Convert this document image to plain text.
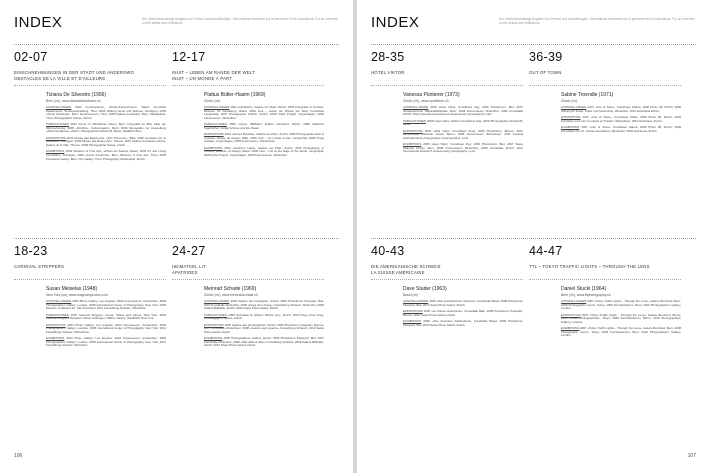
INDEX	Nur überblicksmässige Angaben zur Person und Ausstellungen. Informations résumées sur la personne et les expositions. For an overview on the artists and exhibitions.
02-07
EINSCHNEHMUNGEN IN DER STADT UND ANDERSWO
OBSTACLES DE LA VILLE ET D'AILLEURS
Tiziana De Silvestro (1956)
Bern (ch), www.tizianadesilvestro.ch
AUSSTELLUNGEN 2004 Kunstmuseum, «Photo-Kunst-Preise», Basel; Kornhaus Zweisimmen, Sonderausstellung, Thun; 2005 Stiftung Kunst und Wohnen, Gümligen; 2006 «Kunst Konstrukt», Bern; Kunstmuseum, Thun; 2008 Galerie Kunstwerk, Bern; Stadtgalerie, Thun; Photographie! Suisse, Zürich.
PUBLIKATIONEN 2007 Kunst im öffentlichen Raum, Bern; Fotografie im Bild, Atlas der Wahrnehmung; 2008 «Drehtür», Kulturmagazin, Bern; 2009 Monografie zur Ausstellung «Zwischenräume», Zürich; Photographie! Zeitschrift, Basel; Stadtbild, Bern.
EXPOSITIONS 2004 Musée des Beaux-Arts, «Prix Photo-Art», Bâle; 2005 Fondation Art et Habitation, Gümligen; 2006 Musée des Beaux-Arts, Thoune; 2007 Galerie Kunstwerk, Berne; Galerie de la Ville, Thoune; 2008 Photographie Suisse, Zurich.
EXHIBITIONS 2004 Museum of Fine Arts, «Photo Art Award», Basel; 2005 Art and Living Foundation, Gümligen; 2006 «Kunst Konstrukt», Bern; Museum of Fine Arts, Thun; 2008 Kunstwerk Gallery, Bern; City Gallery, Thun; Photography Switzerland, Zurich.
12-17
INUIT – LEBEN AM RANDE DER WELT
INUIT – UN MONDE À PART
Plattus Bütler-Hasim (1969)
Zürich (ch)
AUSSTELLUNGEN 2004 «Nordlicht», Galerie am Platz, Zürich; 2005 Fotografie im Kontext, Museum für Gestaltung, Basel; 2006 Inuit – Leben am Rande der Welt, Kunsthaus Langenthal; 2007 Photographie Polaris, Zürich; 2008 Arktis Projekt, Kopenhagen; 2009 Fotomuseum, Winterthur.
PUBLIKATIONEN 2006 «Inuit», Bildband, Edition Nordwind, Zürich; 2008 Arktische Tagebücher, Verlag Schnee und Eis, Basel.
EXPOSITIONS 2004 «Aurore Boréale», Galerie am Platz, Zurich; 2005 Photographie dans le contexte, Musée du Design, Bâle; 2006 Inuit – Un monde à part, Langenthal; 2008 Projet Arctique, Copenhague; 2009 Fotomuseum, Winterthour.
EXHIBITIONS 2004 «Northern Light», Galerie am Platz, Zurich; 2005 Photography in Context, Museum of Design, Basel; 2006 Inuit – Life at the Edge of the World, Langenthal; 2008 Arctic Project, Copenhagen; 2009 Fotomuseum, Winterthur.
18-23
CARNIVAL STRIPPERS
Susan Meiselas (1948)
New York (us), www.magnumphotos.com
AUSSTELLUNGEN 2003 Photo Gallery, Los Angeles; 2004 Fotomuseum, Amsterdam; 2006 Photographers' Gallery, London; 2008 International Center of Photography, New York; 2009 Museum of Modern Art, San Francisco; 2011 Fotostiftung Schweiz, Winterthur.
PUBLIKATIONEN 1976 Carnival Strippers, Farrar, Straus and Giroux, New York; 2003 Carnival Strippers Revisited, Steidl, Göttingen; 2008 In History, Steidl/ICP, New York.
EXPOSITIONS 2003 Photo Gallery, Los Angeles; 2004 Fotomuseum, Amsterdam; 2006 Photographers' Gallery, Londres; 2008 International Center of Photography, New York; 2011 Fotostiftung Schweiz, Winterthour.
EXHIBITIONS 2003 Photo Gallery, Los Angeles; 2004 Fotomuseum, Amsterdam; 2006 Photographers' Gallery, London; 2008 International Center of Photography, New York; 2011 Fotostiftung Schweiz, Winterthur.
24-27
HEIMATKEL LIT
APATRIDES
Meinrad Schade (1969)
Zürich (ch), www.meinradschade.ch
AUSSTELLUNGEN 2005 Galerie der Fotografen, Zürich; 2006 Photoforum PasquArt, Biel; 2007 Kunsthalle Winterthur; 2008 «Krieg ohne Krieg», Fotostiftung Schweiz, Winterthur; 2009 Galerie Bildhalle, Zürich; 2010 Swiss Photo Award, Zürich.
PUBLIKATIONEN 2008 Heimatkel lit, Edition Patrick Frey, Zürich; 2010 Krieg ohne Krieg, Scheidegger & Spiess, Zürich.
EXPOSITIONS 2005 Galerie des photographes, Zurich; 2006 Photoforum PasquArt, Bienne; 2007 Kunsthalle Winterthour; 2008 «Guerre sans guerre», Fotostiftung Schweiz; 2010 Swiss Photo Award, Zurich.
EXHIBITIONS 2005 Photographers' Gallery, Zurich; 2006 Photoforum PasquArt, Biel; 2007 Kunsthalle Winterthur; 2008 «War without War», Fotostiftung Schweiz; 2009 Galerie Bildhalle, Zurich; 2010 Swiss Photo Award, Zurich.
106
INDEX	Nur überblicksmässige Angaben zur Person und Ausstellungen. Informations résumées sur la personne et les expositions. For an overview on the artists and exhibitions.
28-35
HOTEL VIKTOR
Vanessa Püntener (1973)
Zürich (ch), www.vpuntener.ch
AUSSTELLUNGEN 2005 Hotel Viktor, Kunsthaus Zug; 2006 Photoforum, Biel; 2007 Schweizerische Nationalbibliothek, Bern; 2008 Fotomuseum Winterthur; 2009 Kunsthalle Zürich; 2011 International festival of contemporary photography, Lodz.
PUBLIKATIONEN 2006 Hotel Viktor, Edition Kunsthaus Zug; 2009 Photographie! Zeitschrift, Basel.
EXPOSITIONS 2005 Hôtel Viktor, Kunsthaus Zoug; 2006 Photoforum, Bienne; 2007 Bibliothèque nationale suisse, Berne; 2008 Fotomuseum Winterthour; 2011 Festival international de photographie contemporaine, Lodz.
EXHIBITIONS 2005 Hotel Viktor, Kunsthaus Zug; 2006 Photoforum, Biel; 2007 Swiss National Library, Bern; 2008 Fotomuseum Winterthur; 2009 Kunsthalle Zurich; 2011 International festival of contemporary photography, Lodz.
36-39
OUT OF TOWN
Sabine Troendle (1971)
Zürich (ch)
AUSSTELLUNGEN 2007 «Out of Town», Kunsthaus Glarus; 2008 Photo 08, Zürich; 2009 Stiftung für Kunst, Kultur und Geschichte, Winterthur; 2010 Helmhaus Zürich.
EXPOSITIONS 2007 «Out of Town», Kunsthaus Glaris; 2008 Photo 08, Zurich; 2009 Fondation pour l'art, la culture et l'histoire, Winterthour; 2010 Helmhaus, Zurich.
EXHIBITIONS 2007 «Out of Town», Kunsthaus Glarus; 2008 Photo 08, Zurich; 2009 Foundation for Art, Culture and History, Winterthur; 2010 Helmhaus, Zurich.
40-43
DIE AMERIKANISCHE SCHWEIZ
LA SUISSE AMÉRICAINE
Dave Studer (1963)
Basel (ch)
AUSSTELLUNGEN 2006 «Die amerikanische Schweiz», Kunsthalle Basel; 2008 Photoforum PasquArt, Biel; 2010 Swiss Photo Award, Zürich.
EXPOSITIONS 2006 «La Suisse américaine», Kunsthalle Bâle; 2008 Photoforum PasquArt, Bienne; 2010 Swiss Photo Award, Zurich.
EXHIBITIONS 2006 «The American Switzerland», Kunsthalle Basel; 2008 Photoforum PasquArt, Biel; 2010 Swiss Photo Award, Zurich.
44-47
TTL – TOKYO TRAFFIC LIGHTS – THROUGH THE LENS
Daniel Stucki (1964)
Bern (ch), www.ttlphotography.ch
AUSSTELLUNGEN 2007 «Tokyo Traffic Lights – Through the Lens», Galerie Bernhard, Bern; 2008 Photographic Centre, Tokyo; 2009 Kornhausforum, Bern; 2010 Photographers' Gallery, London.
EXPOSITIONS 2007 «Tokyo Traffic Lights – Through the Lens», Galerie Bernhard, Berne; 2008 Centre photographique, Tokyo; 2009 Kornhausforum, Berne; 2010 Photographers' Gallery, Londres.
EXHIBITIONS 2007 «Tokyo Traffic Lights – Through the Lens», Galerie Bernhard, Bern; 2008 Photographic Centre, Tokyo; 2009 Kornhausforum, Bern; 2010 Photographers' Gallery, London.
107
